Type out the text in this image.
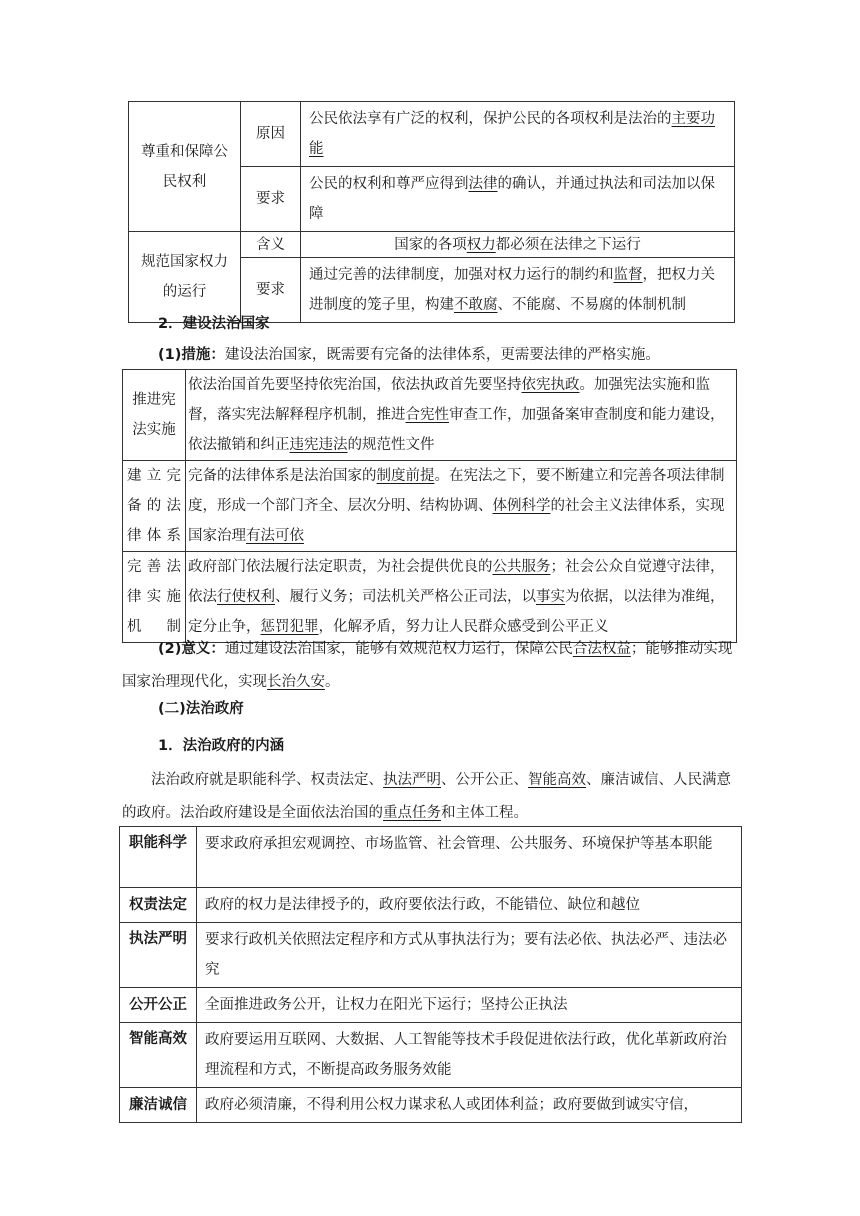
尊重和保障公民权利	原因	公民依法享有广泛的权利，保护公民的各项权利是法治的主要功能
	要求	公民的权利和尊严应得到法律的确认，并通过执法和司法加以保障
规范国家权力的运行	含义	国家的各项权力都必须在法律之下运行
	要求	通过完善的法律制度，加强对权力运行的制约和监督，把权力关进制度的笼子里，构建不敢腐、不能腐、不易腐的体制机制
2．建设法治国家
(1)措施：建设法治国家，既需要有完备的法律体系，更需要法律的严格实施。
推进宪法实施	依法治国首先要坚持依宪治国，依法执政首先要坚持依宪执政。加强宪法实施和监督，落实宪法解释程序机制，推进合宪性审查工作，加强备案审查制度和能力建设，依法撤销和纠正违宪违法的规范性文件
建立完备的法律体系	完备的法律体系是法治国家的制度前提。在宪法之下，要不断建立和完善各项法律制度，形成一个部门齐全、层次分明、结构协调、体例科学的社会主义法律体系，实现国家治理有法可依
完善法律实施机制	政府部门依法履行法定职责，为社会提供优良的公共服务；社会公众自觉遵守法律，依法行使权利、履行义务；司法机关严格公正司法，以事实为依据，以法律为准绳，定分止争，惩罚犯罪，化解矛盾，努力让人民群众感受到公平正义
(2)意义：通过建设法治国家，能够有效规范权力运行，保障公民合法权益；能够推动实现国家治理现代化，实现长治久安。
(二)法治政府
1．法治政府的内涵
法治政府就是职能科学、权责法定、执法严明、公开公正、智能高效、廉洁诚信、人民满意的政府。法治政府建设是全面依法治国的重点任务和主体工程。
职能科学	要求政府承担宏观调控、市场监管、社会管理、公共服务、环境保护等基本职能
权责法定	政府的权力是法律授予的，政府要依法行政，不能错位、缺位和越位
执法严明	要求行政机关依照法定程序和方式从事执法行为；要有法必依、执法必严、违法必究
公开公正	全面推进政务公开，让权力在阳光下运行；坚持公正执法
智能高效	政府要运用互联网、大数据、人工智能等技术手段促进依法行政，优化革新政府治理流程和方式，不断提高政务服务效能
廉洁诚信	政府必须清廉，不得利用公权力谋求私人或团体利益；政府要做到诚实守信，
